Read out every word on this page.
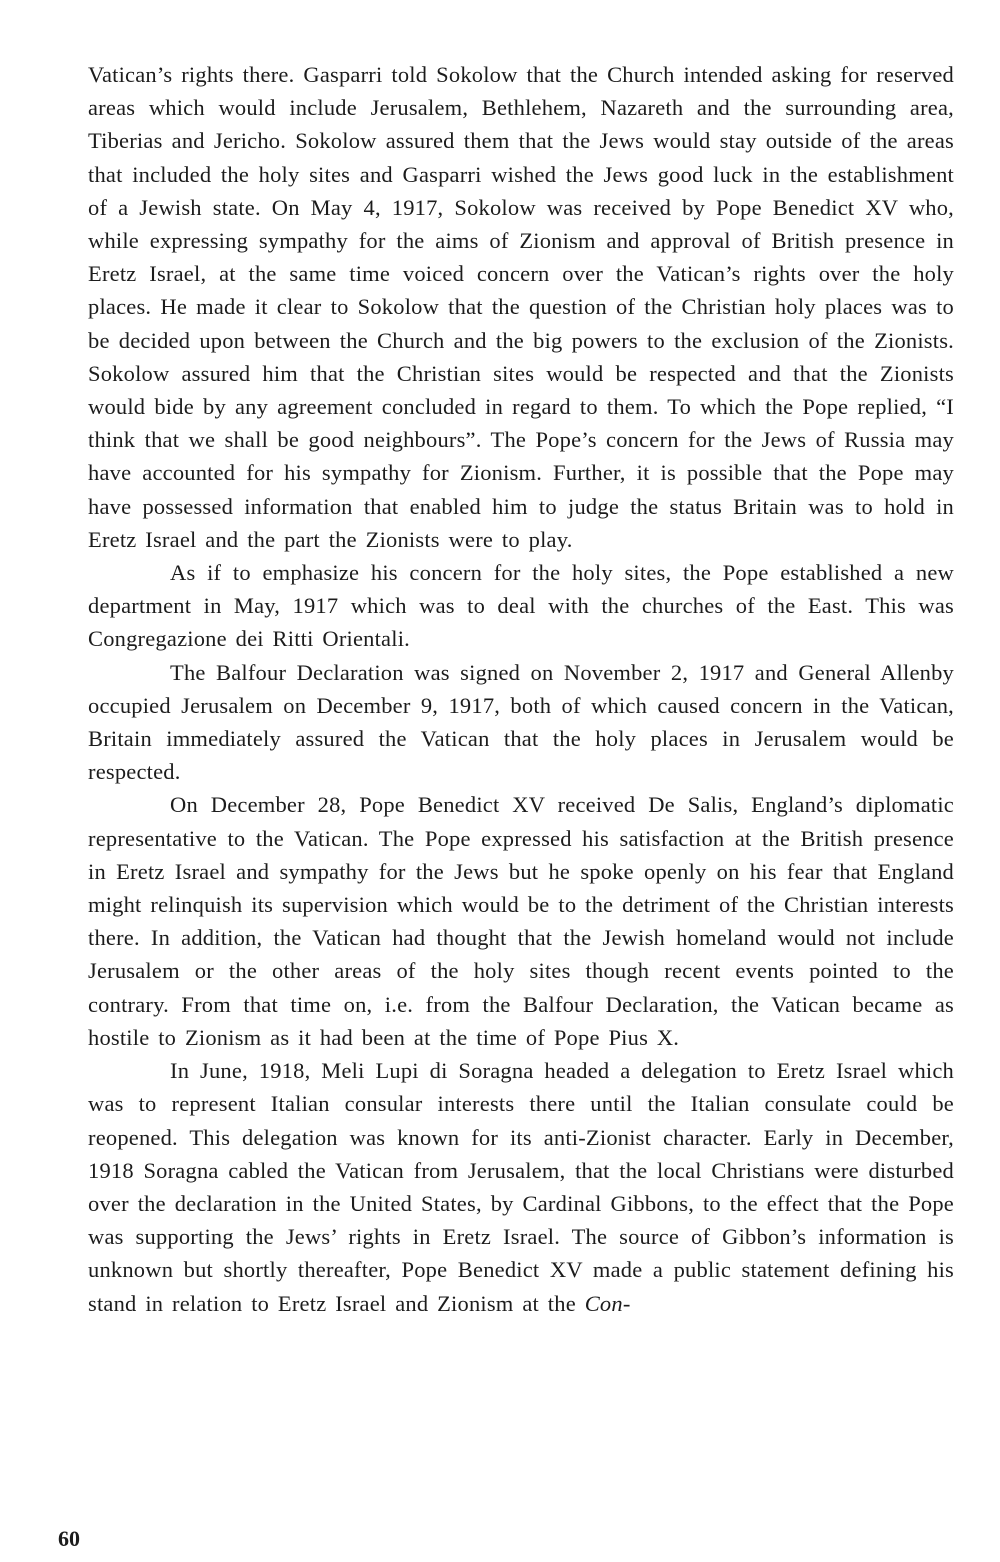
Vatican’s rights there. Gasparri told Sokolow that the Church intended asking for reserved areas which would include Jerusalem, Bethlehem, Nazareth and the surrounding area, Tiberias and Jericho. Sokolow assured them that the Jews would stay outside of the areas that included the holy sites and Gasparri wished the Jews good luck in the establishment of a Jewish state. On May 4, 1917, Sokolow was received by Pope Benedict XV who, while expressing sympathy for the aims of Zionism and approval of British presence in Eretz Israel, at the same time voiced concern over the Vatican’s rights over the holy places. He made it clear to Sokolow that the question of the Christian holy places was to be decided upon between the Church and the big powers to the exclusion of the Zionists. Sokolow assured him that the Christian sites would be respected and that the Zionists would bide by any agreement concluded in regard to them. To which the Pope replied, “I think that we shall be good neighbours”. The Pope’s concern for the Jews of Russia may have accounted for his sympathy for Zionism. Further, it is possible that the Pope may have possessed information that enabled him to judge the status Britain was to hold in Eretz Israel and the part the Zionists were to play.

As if to emphasize his concern for the holy sites, the Pope established a new department in May, 1917 which was to deal with the churches of the East. This was Congregazione dei Ritti Orientali.

The Balfour Declaration was signed on November 2, 1917 and General Allenby occupied Jerusalem on December 9, 1917, both of which caused concern in the Vatican, Britain immediately assured the Vatican that the holy places in Jerusalem would be respected.

On December 28, Pope Benedict XV received De Salis, England’s diplomatic representative to the Vatican. The Pope expressed his satisfaction at the British presence in Eretz Israel and sympathy for the Jews but he spoke openly on his fear that England might relinquish its supervision which would be to the detriment of the Christian interests there. In addition, the Vatican had thought that the Jewish homeland would not include Jerusalem or the other areas of the holy sites though recent events pointed to the contrary. From that time on, i.e. from the Balfour Declaration, the Vatican became as hostile to Zionism as it had been at the time of Pope Pius X.

In June, 1918, Meli Lupi di Soragna headed a delegation to Eretz Israel which was to represent Italian consular interests there until the Italian consulate could be reopened. This delegation was known for its anti-Zionist character. Early in December, 1918 Soragna cabled the Vatican from Jerusalem, that the local Christians were disturbed over the declaration in the United States, by Cardinal Gibbons, to the effect that the Pope was supporting the Jews’ rights in Eretz Israel. The source of Gibbon’s information is unknown but shortly thereafter, Pope Benedict XV made a public statement defining his stand in relation to Eretz Israel and Zionism at the Con-

60
